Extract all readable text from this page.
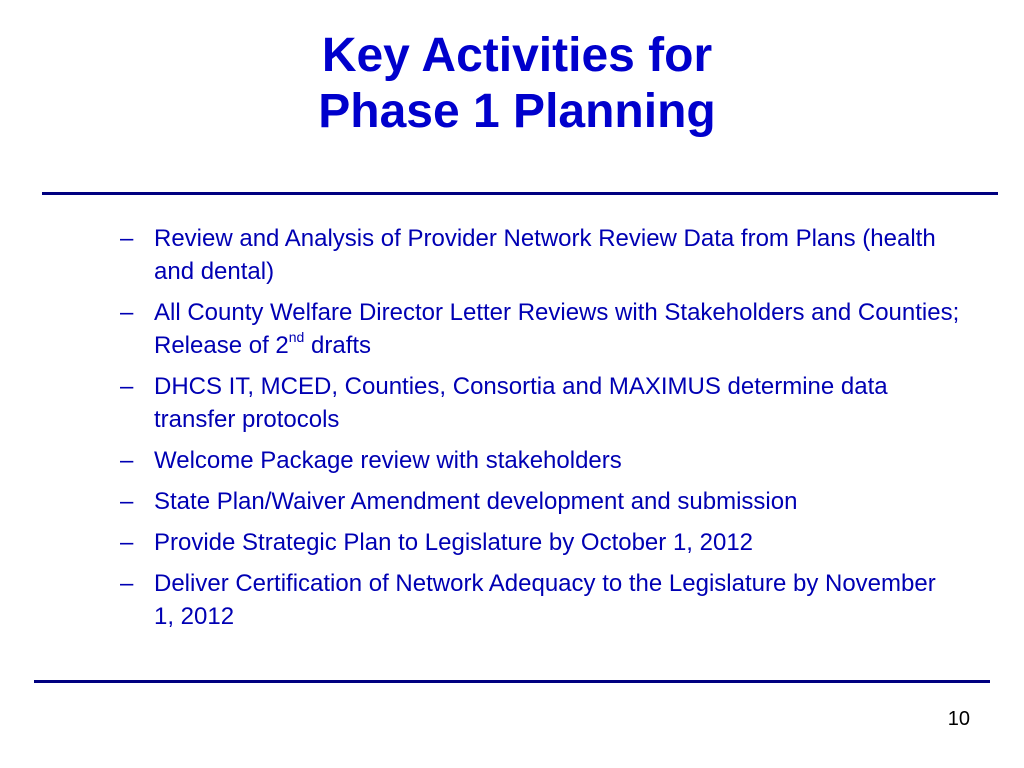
Key Activities for
Phase 1 Planning
– Review and Analysis of Provider Network Review Data from Plans (health and dental)
– All County Welfare Director Letter Reviews with Stakeholders and Counties; Release of 2nd drafts
– DHCS IT, MCED, Counties, Consortia and MAXIMUS determine data transfer protocols
– Welcome Package review with stakeholders
– State Plan/Waiver Amendment development and submission
– Provide Strategic Plan to Legislature by October 1, 2012
– Deliver Certification of Network Adequacy to the Legislature by November 1, 2012
10
